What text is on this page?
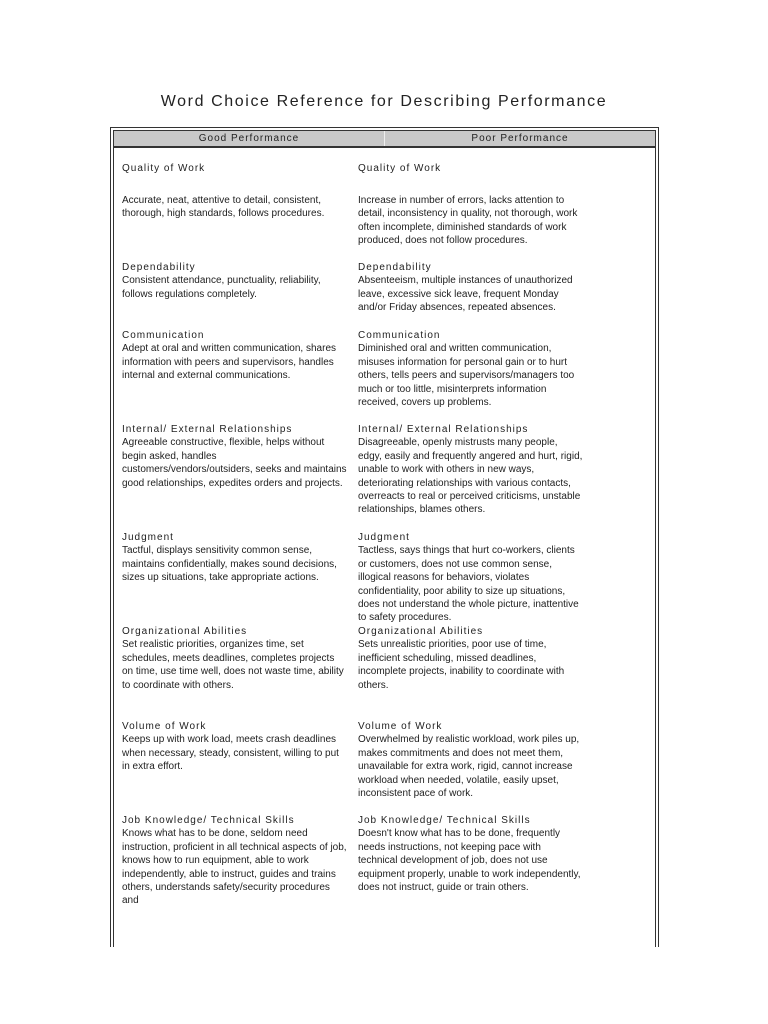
Word Choice Reference for Describing Performance
Good Performance	Poor Performance
Quality of Work	Quality of Work
Accurate, neat, attentive to detail, consistent, thorough, high standards, follows procedures.
Increase in number of errors, lacks attention to detail, inconsistency in quality, not thorough, work often incomplete, diminished standards of work produced, does not follow procedures.
Dependability
Consistent attendance, punctuality, reliability, follows regulations completely.
Dependability
Absenteeism, multiple instances of unauthorized leave, excessive sick leave, frequent Monday and/or Friday absences, repeated absences.
Communication
Adept at oral and written communication, shares information with peers and supervisors, handles internal and external communications.
Communication
Diminished oral and written communication, misuses information for personal gain or to hurt others, tells peers and supervisors/managers too much or too little, misinterprets information received, covers up problems.
Internal/ External Relationships
Agreeable constructive, flexible, helps without begin asked, handles customers/vendors/outsiders, seeks and maintains good relationships, expedites orders and projects.
Internal/ External Relationships
Disagreeable, openly mistrusts many people, edgy, easily and frequently angered and hurt, rigid, unable to work with others in new ways, deteriorating relationships with various contacts, overreacts to real or perceived criticisms, unstable relationships, blames others.
Judgment
Tactful, displays sensitivity common sense, maintains confidentially, makes sound decisions, sizes up situations, take appropriate actions.
Judgment
Tactless, says things that hurt co-workers, clients or customers, does not use common sense, illogical reasons for behaviors, violates confidentiality, poor ability to size up situations, does not understand the whole picture, inattentive to safety procedures.
Organizational Abilities
Set realistic priorities, organizes time, set schedules, meets deadlines, completes projects on time, use time well, does not waste time, ability to coordinate with others.
Organizational Abilities
Sets unrealistic priorities, poor use of time, inefficient scheduling, missed deadlines, incomplete projects, inability to coordinate with others.
Volume of Work
Keeps up with work load, meets crash deadlines when necessary, steady, consistent, willing to put in extra effort.
Volume of Work
Overwhelmed by realistic workload, work piles up, makes commitments and does not meet them, unavailable for extra work, rigid, cannot increase workload when needed, volatile, easily upset, inconsistent pace of work.
Job Knowledge/ Technical Skills
Knows what has to be done, seldom need instruction, proficient in all technical aspects of job, knows how to run equipment, able to work independently, able to instruct, guides and trains others, understands safety/security procedures and
Job Knowledge/ Technical Skills
Doesn't know what has to be done, frequently needs instructions, not keeping pace with technical development of job, does not use equipment properly, unable to work independently, does not instruct, guide or train others.
